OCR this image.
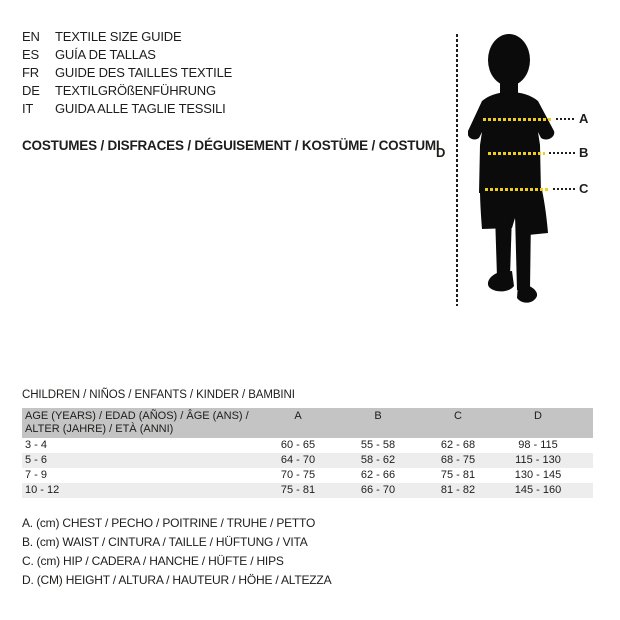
EN	TEXTILE SIZE GUIDE
ES	GUÍA DE TALLAS
FR	GUIDE DES TAILLES TEXTILE
DE	TEXTILGRÖßENFÜHRUNG
IT	GUIDA ALLE TAGLIE TESSILI
COSTUMES / DISFRACES / DÉGUISEMENT / KOSTÜME / COSTUMI
D
A
B
C
CHILDREN / NIÑOS / ENFANTS / KINDER / BAMBINI
AGE (YEARS) / EDAD (AÑOS) / ÂGE (ANS) /
ALTER (JAHRE) / ETÀ (ANNI)
A	B	C	D
3 - 4	60 - 65	55 - 58	62 - 68	98 - 115
5 - 6	64 - 70	58 - 62	68 - 75	115 - 130
7 - 9	70 - 75	62 - 66	75 - 81	130 - 145
10 - 12	75 - 81	66 - 70	81 - 82	145 - 160
A. (cm) CHEST / PECHO / POITRINE / TRUHE / PETTO
B. (cm) WAIST / CINTURA / TAILLE / HÜFTUNG / VITA
C. (cm) HIP / CADERA / HANCHE / HÜFTE / HIPS
D. (CM) HEIGHT / ALTURA / HAUTEUR / HÖHE / ALTEZZA
